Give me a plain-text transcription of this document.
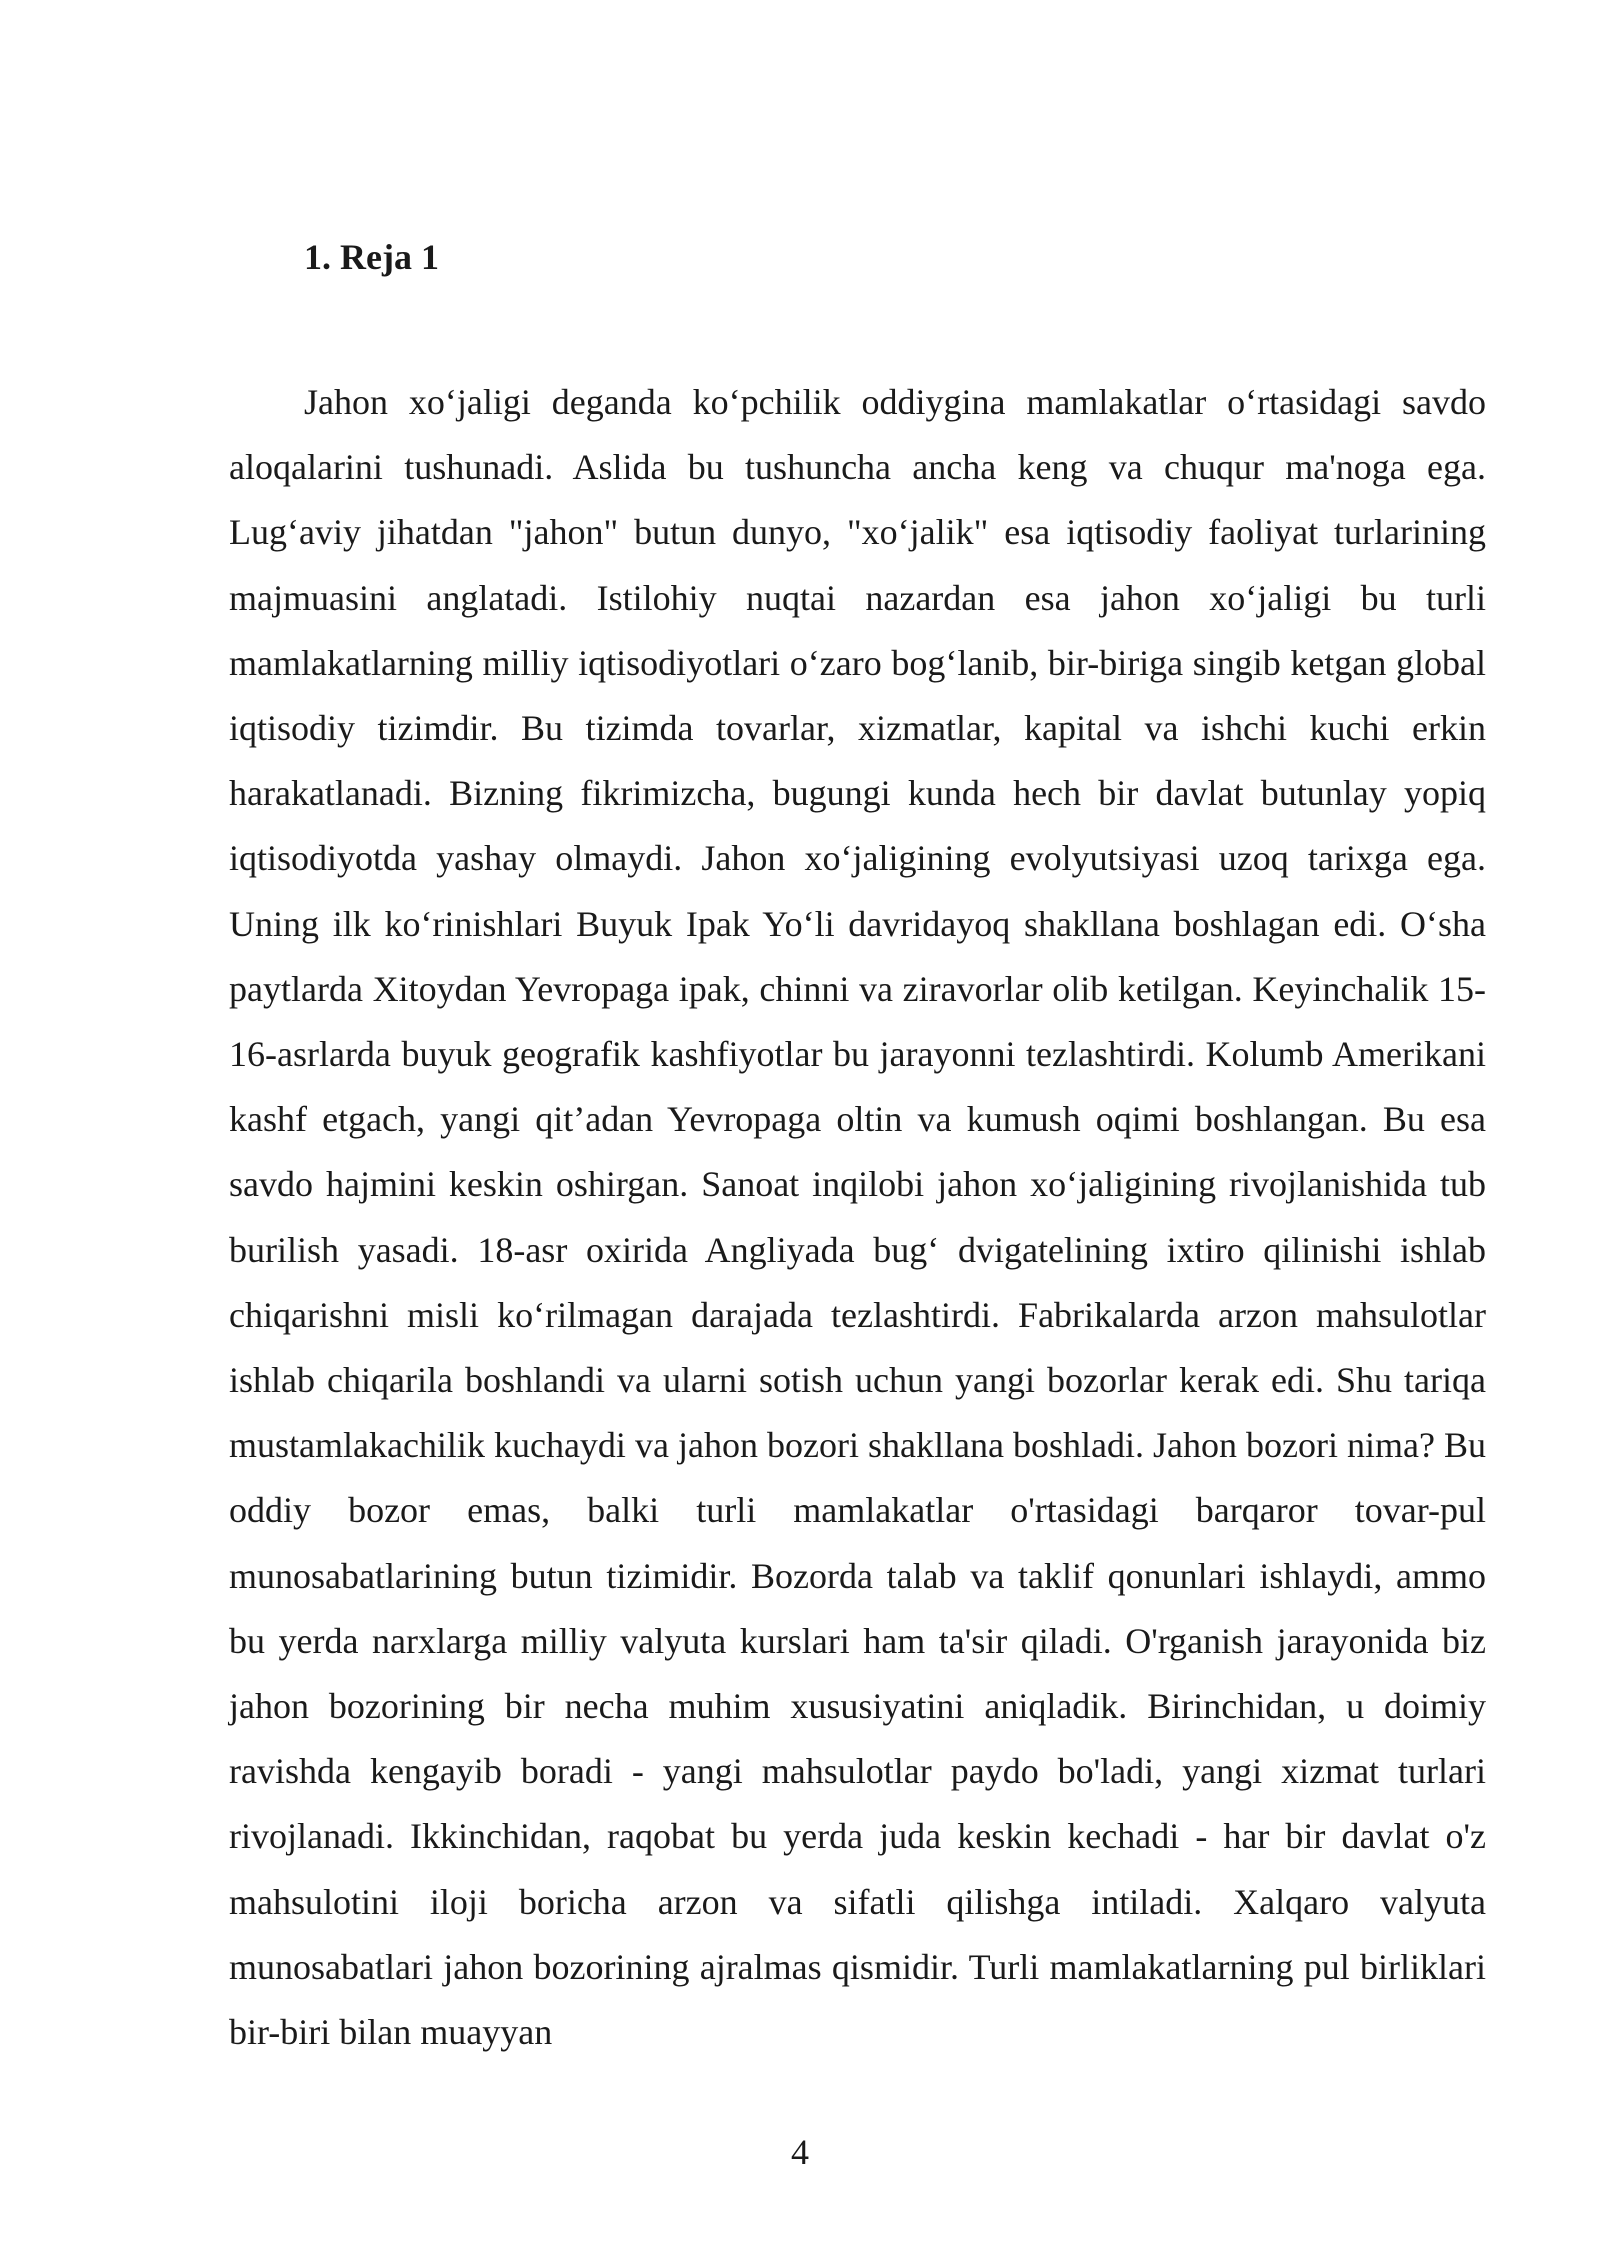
1. Reja 1

Jahon xo‘jaligi deganda ko‘pchilik oddiygina mamlakatlar o‘rtasidagi savdo aloqalarini tushunadi. Aslida bu tushuncha ancha keng va chuqur ma'noga ega. Lug‘aviy jihatdan "jahon" butun dunyo, "xo‘jalik" esa iqtisodiy faoliyat turlarining majmuasini anglatadi. Istilohiy nuqtai nazardan esa jahon xo‘jaligi bu turli mamlakatlarning milliy iqtisodiyotlari o‘zaro bog‘lanib, bir-biriga singib ketgan global iqtisodiy tizimdir. Bu tizimda tovarlar, xizmatlar, kapital va ishchi kuchi erkin harakatlanadi. Bizning fikrimizcha, bugungi kunda hech bir davlat butunlay yopiq iqtisodiyotda yashay olmaydi. Jahon xo‘jaligining evolyutsiyasi uzoq tarixga ega. Uning ilk ko‘rinishlari Buyuk Ipak Yo‘li davridayoq shakllana boshlagan edi. O‘sha paytlarda Xitoydan Yevropaga ipak, chinni va ziravorlar olib ketilgan. Keyinchalik 15-16-asrlarda buyuk geografik kashfiyotlar bu jarayonni tezlashtirdi. Kolumb Amerikani kashf etgach, yangi qit’adan Yevropaga oltin va kumush oqimi boshlangan. Bu esa savdo hajmini keskin oshirgan. Sanoat inqilobi jahon xo‘jaligining rivojlanishida tub burilish yasadi. 18-asr oxirida Angliyada bug‘ dvigatelining ixtiro qilinishi ishlab chiqarishni misli ko‘rilmagan darajada tezlashtirdi. Fabrikalarda arzon mahsulotlar ishlab chiqarila boshlandi va ularni sotish uchun yangi bozorlar kerak edi. Shu tariqa mustamlakachilik kuchaydi va jahon bozori shakllana boshladi. Jahon bozori nima? Bu oddiy bozor emas, balki turli mamlakatlar o'rtasidagi barqaror tovar-pul munosabatlarining butun tizimidir. Bozorda talab va taklif qonunlari ishlaydi, ammo bu yerda narxlarga milliy valyuta kurslari ham ta'sir qiladi. O'rganish jarayonida biz jahon bozorining bir necha muhim xususiyatini aniqladik. Birinchidan, u doimiy ravishda kengayib boradi - yangi mahsulotlar paydo bo'ladi, yangi xizmat turlari rivojlanadi. Ikkinchidan, raqobat bu yerda juda keskin kechadi - har bir davlat o'z mahsulotini iloji boricha arzon va sifatli qilishga intiladi. Xalqaro valyuta munosabatlari jahon bozorining ajralmas qismidir. Turli mamlakatlarning pul birliklari bir-biri bilan muayyan

4
